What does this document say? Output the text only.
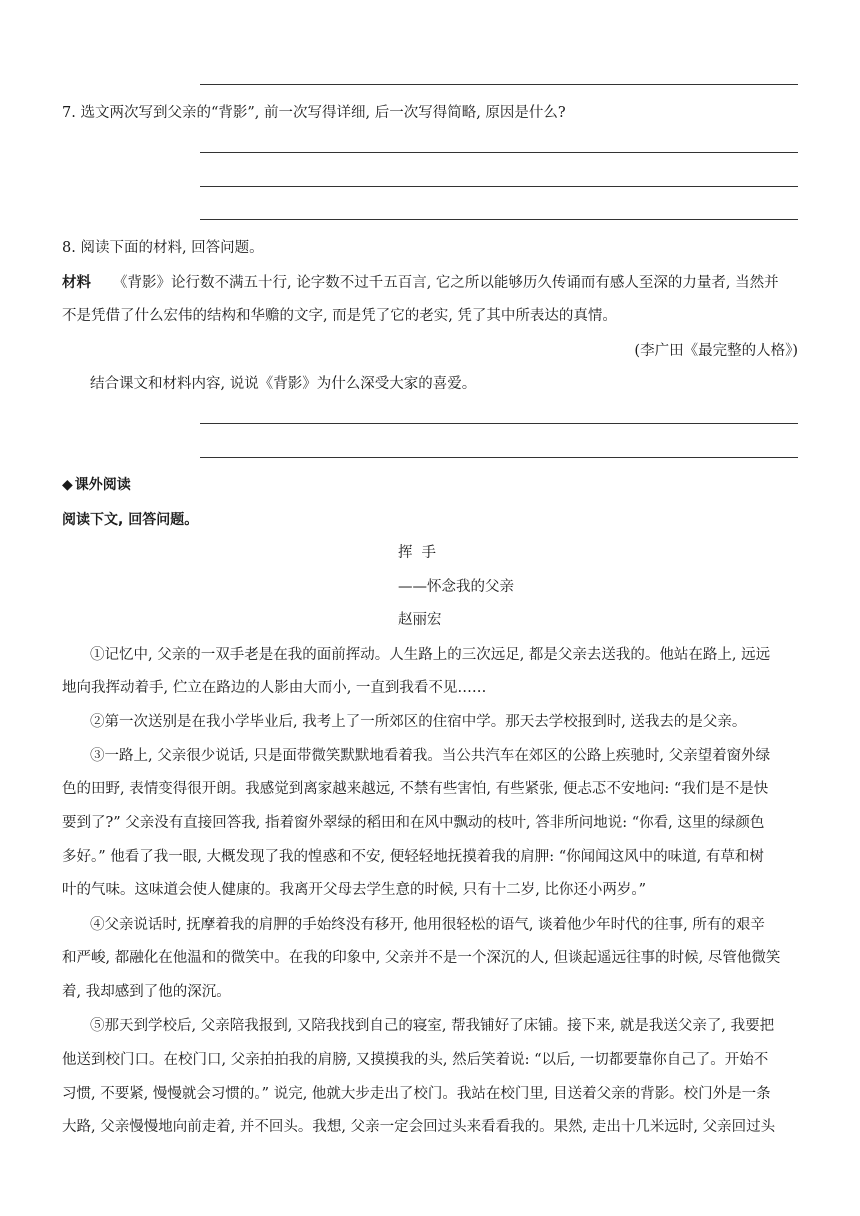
7. 选文两次写到父亲的“背影”, 前一次写得详细, 后一次写得简略, 原因是什么?
8. 阅读下面的材料, 回答问题。
材料 《背影》论行数不满五十行, 论字数不过千五百言, 它之所以能够历久传诵而有感人至深的力量者, 当然并
不是凭借了什么宏伟的结构和华赡的文字, 而是凭了它的老实, 凭了其中所表达的真情。
(李广田《最完整的人格》)
结合课文和材料内容, 说说《背影》为什么深受大家的喜爱。
◆ 课外阅读
阅读下文, 回答问题。
挥 手
——怀念我的父亲
赵丽宏
①记忆中, 父亲的一双手老是在我的面前挥动。人生路上的三次远足, 都是父亲去送我的。他站在路上, 远远
地向我挥动着手, 伫立在路边的人影由大而小, 一直到我看不见……
②第一次送别是在我小学毕业后, 我考上了一所郊区的住宿中学。那天去学校报到时, 送我去的是父亲。
③一路上, 父亲很少说话, 只是面带微笑默默地看着我。当公共汽车在郊区的公路上疾驰时, 父亲望着窗外绿
色的田野, 表情变得很开朗。我感觉到离家越来越远, 不禁有些害怕, 有些紧张, 便忐忑不安地问: “我们是不是快
要到了?” 父亲没有直接回答我, 指着窗外翠绿的稻田和在风中飘动的枝叶, 答非所问地说: “你看, 这里的绿颜色
多好。” 他看了我一眼, 大概发现了我的惶惑和不安, 便轻轻地抚摸着我的肩胛: “你闻闻这风中的味道, 有草和树
叶的气味。这味道会使人健康的。我离开父母去学生意的时候, 只有十二岁, 比你还小两岁。”
④父亲说话时, 抚摩着我的肩胛的手始终没有移开, 他用很轻松的语气, 谈着他少年时代的往事, 所有的艰辛
和严峻, 都融化在他温和的微笑中。在我的印象中, 父亲并不是一个深沉的人, 但谈起遥远往事的时候, 尽管他微笑
着, 我却感到了他的深沉。
⑤那天到学校后, 父亲陪我报到, 又陪我找到自己的寝室, 帮我铺好了床铺。接下来, 就是我送父亲了, 我要把
他送到校门口。在校门口, 父亲拍拍我的肩膀, 又摸摸我的头, 然后笑着说: “以后, 一切都要靠你自己了。开始不
习惯, 不要紧, 慢慢就会习惯的。” 说完, 他就大步走出了校门。我站在校门里, 目送着父亲的背影。校门外是一条
大路, 父亲慢慢地向前走着, 并不回头。我想, 父亲一定会回过头来看看我的。果然, 走出十几米远时, 父亲回过头
